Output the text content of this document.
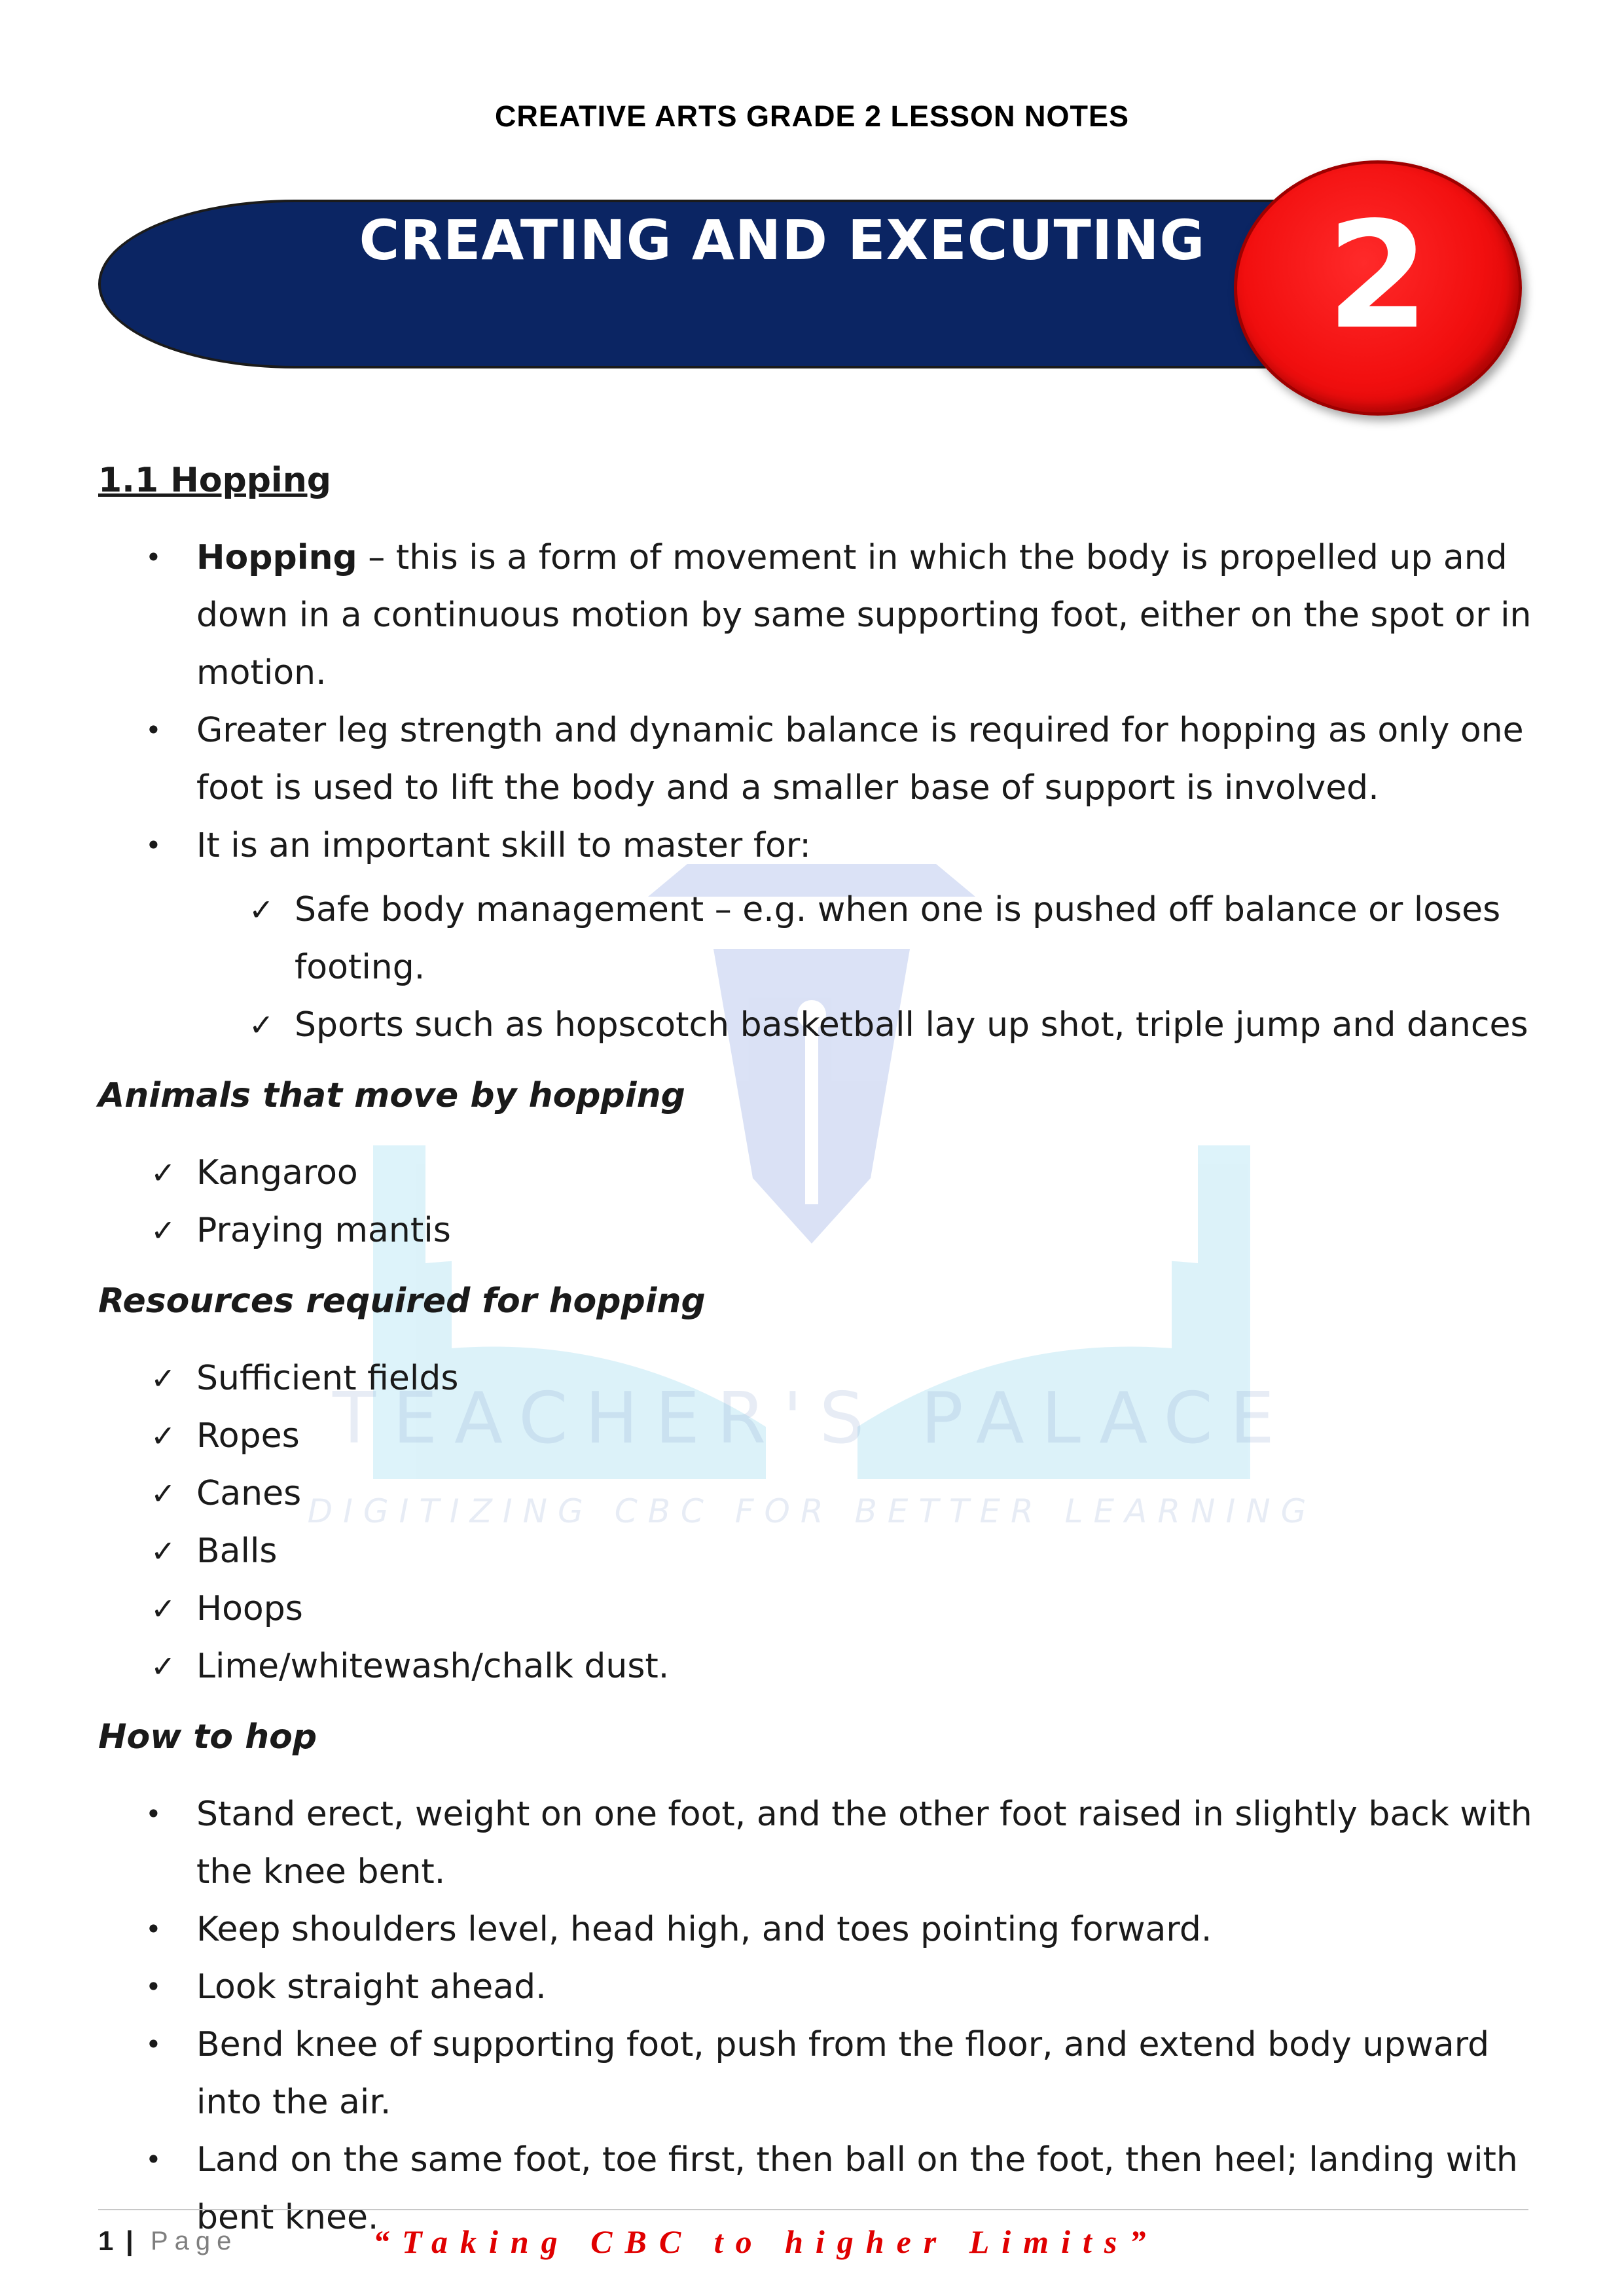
CREATIVE ARTS GRADE 2 LESSON NOTES
CREATING AND EXECUTING 2
TEACHER'S PALACE
DIGITIZING CBC FOR BETTER LEARNING
1.1 Hopping
• Hopping – this is a form of movement in which the body is propelled up and down in a continuous motion by same supporting foot, either on the spot or in motion.
• Greater leg strength and dynamic balance is required for hopping as only one foot is used to lift the body and a smaller base of support is involved.
• It is an important skill to master for:
✓ Safe body management – e.g. when one is pushed off balance or loses footing.
✓ Sports such as hopscotch basketball lay up shot, triple jump and dances
Animals that move by hopping
✓ Kangaroo
✓ Praying mantis
Resources required for hopping
✓ Sufficient fields
✓ Ropes
✓ Canes
✓ Balls
✓ Hoops
✓ Lime/whitewash/chalk dust.
How to hop
• Stand erect, weight on one foot, and the other foot raised in slightly back with the knee bent.
• Keep shoulders level, head high, and toes pointing forward.
• Look straight ahead.
• Bend knee of supporting foot, push from the floor, and extend body upward into the air.
• Land on the same foot, toe first, then ball on the foot, then heel; landing with bent knee.
1 | Page	“Taking CBC to higher Limits”
